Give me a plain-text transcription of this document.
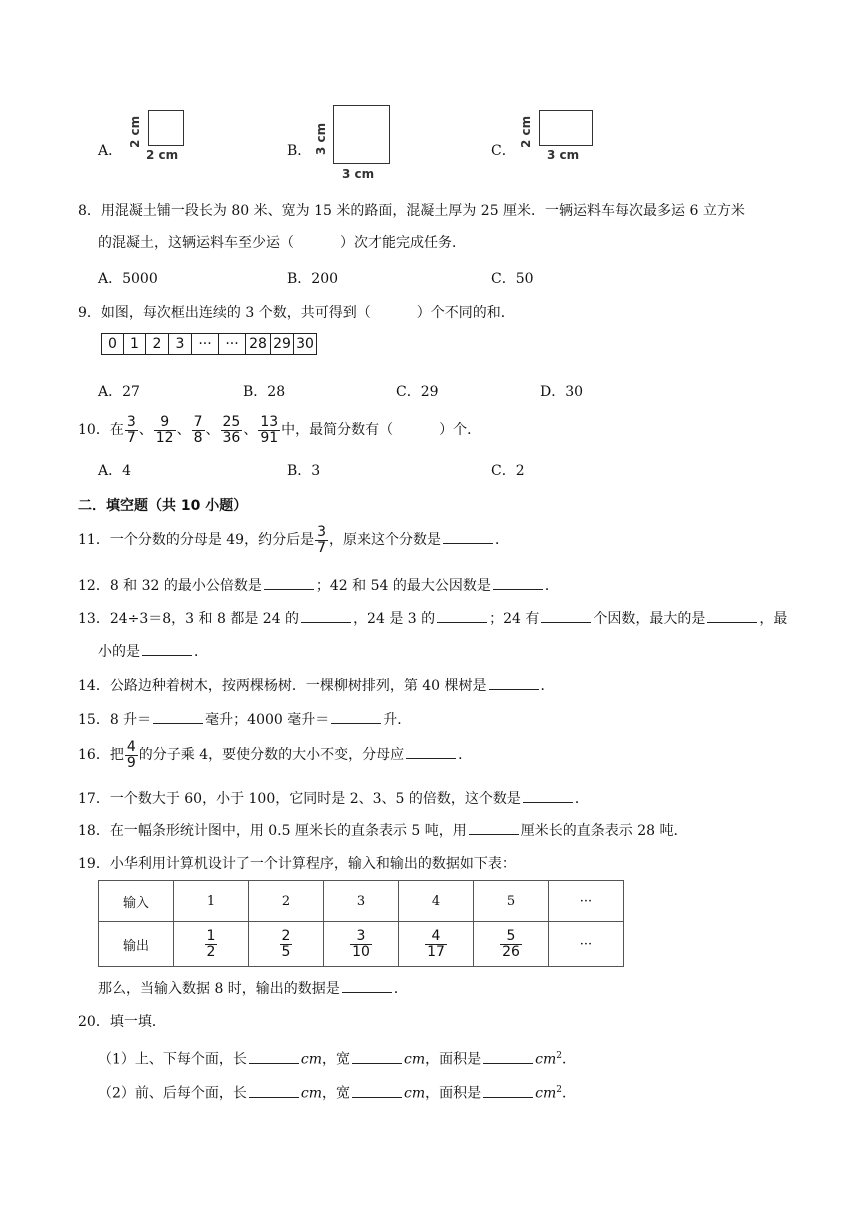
A．
2 cm
2 cm	B． 3 cm
3 cm
C．
2 cm
3 cm
8．用混凝土铺一段长为 80 米、宽为 15 米的路面，混凝土厚为 25 厘米．一辆运料车每次最多运 6 立方米
的混凝土，这辆运料车至少运（	）次才能完成任务．
A．5000	B．200	C．50
9．如图，每次框出连续的 3 个数，共可得到（	）个不同的和．
0	1	2	3	···	···	28	29	30
A．27	B．28	C．29	D．30
10．在 $\frac{3}{7}$ 、 $\frac{9}{12}$ 、 $\frac{7}{8}$ 、 $\frac{25}{36}$ 、 $\frac{13}{91}$ 中，最简分数有（	）个．
A．4	B．3	C．2
二．填空题（共 10 小题）
11．一个分数的分母是 49，约分后是 $\frac{3}{7}$ ，原来这个分数是	．
12．8 和 32 的最小公倍数是	；42 和 54 的最大公因数是	．
13．24÷3＝8，3 和 8 都是 24 的	，24 是 3 的	；24 有	个因数，最大的是	，最
小的是	．
14．公路边种着树木，按两棵杨树．一棵柳树排列，第 40 棵树是	．
15．8 升＝	毫升；4000 毫升＝	升．
16．把 $\frac{4}{9}$ 的分子乘 4，要使分数的大小不变，分母应	．
17．一个数大于 60，小于 100，它同时是 2、3、5 的倍数，这个数是	．
18．在一幅条形统计图中，用 0.5 厘米长的直条表示 5 吨，用	厘米长的直条表示 28 吨．
19．小华利用计算机设计了一个计算程序，输入和输出的数据如下表：
输入	1	2	3	4	5	···
输出	$\frac{1}{2}$	$\frac{2}{5}$	$\frac{3}{10}$	$\frac{4}{17}$	$\frac{5}{26}$	···
那么，当输入数据 8 时，输出的数据是	．
20．填一填．
（1）上、下每个面，长	cm，宽	cm，面积是	$cm^2$．
（2）前、后每个面，长	cm，宽	cm，面积是	$cm^2$．
